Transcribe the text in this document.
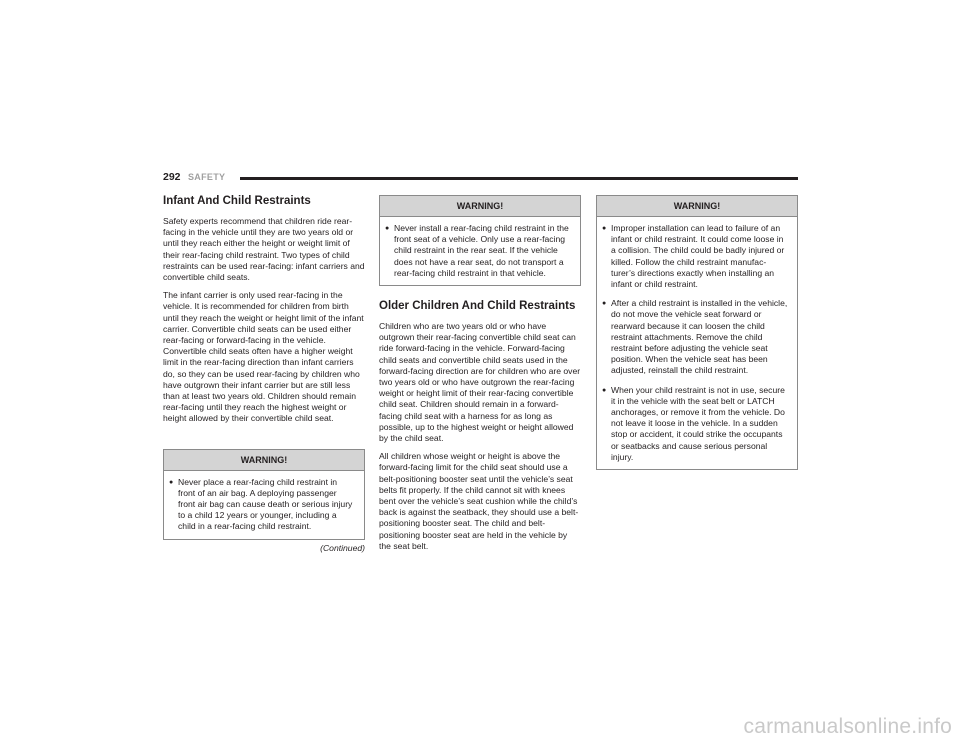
292 SAFETY
Infant And Child Restraints

Safety experts recommend that children ride rear-facing in the vehicle until they are two years old or until they reach either the height or weight limit of their rear-facing child restraint. Two types of child restraints can be used rear-facing: infant carriers and convertible child seats.

The infant carrier is only used rear-facing in the vehicle. It is recommended for children from birth until they reach the weight or height limit of the infant carrier. Convertible child seats can be used either rear-facing or forward-facing in the vehicle. Convertible child seats often have a higher weight limit in the rear-facing direction than infant carriers do, so they can be used rear-facing by children who have outgrown their infant carrier but are still less than at least two years old. Children should remain rear-facing until they reach the highest weight or height allowed by their convertible child seat.

WARNING!
● Never place a rear-facing child restraint in front of an air bag. A deploying passenger front air bag can cause death or serious injury to a child 12 years or younger, including a child in a rear-facing child restraint.
(Continued)
WARNING!
● Never install a rear-facing child restraint in the front seat of a vehicle. Only use a rear-facing child restraint in the rear seat. If the vehicle does not have a rear seat, do not transport a rear-facing child restraint in that vehicle.
Older Children And Child Restraints

Children who are two years old or who have outgrown their rear-facing convertible child seat can ride forward-facing in the vehicle. Forward-facing child seats and convertible child seats used in the forward-facing direction are for children who are over two years old or who have outgrown the rear-facing weight or height limit of their rear-facing convertible child seat. Children should remain in a forward-facing child seat with a harness for as long as possible, up to the highest weight or height allowed by the child seat.

All children whose weight or height is above the forward-facing limit for the child seat should use a belt-positioning booster seat until the vehicle’s seat belts fit properly. If the child cannot sit with knees bent over the vehicle’s seat cushion while the child’s back is against the seatback, they should use a belt-positioning booster seat. The child and belt-positioning booster seat are held in the vehicle by the seat belt.

WARNING!
● Improper installation can lead to failure of an infant or child restraint. It could come loose in a collision. The child could be badly injured or killed. Follow the child restraint manufac-turer’s directions exactly when installing an infant or child restraint.
● After a child restraint is installed in the vehicle, do not move the vehicle seat forward or rearward because it can loosen the child restraint attachments. Remove the child restraint before adjusting the vehicle seat position. When the vehicle seat has been adjusted, reinstall the child restraint.
● When your child restraint is not in use, secure it in the vehicle with the seat belt or LATCH anchorages, or remove it from the vehicle. Do not leave it loose in the vehicle. In a sudden stop or accident, it could strike the occupants or seatbacks and cause serious personal injury.
carmanualsonline.info
